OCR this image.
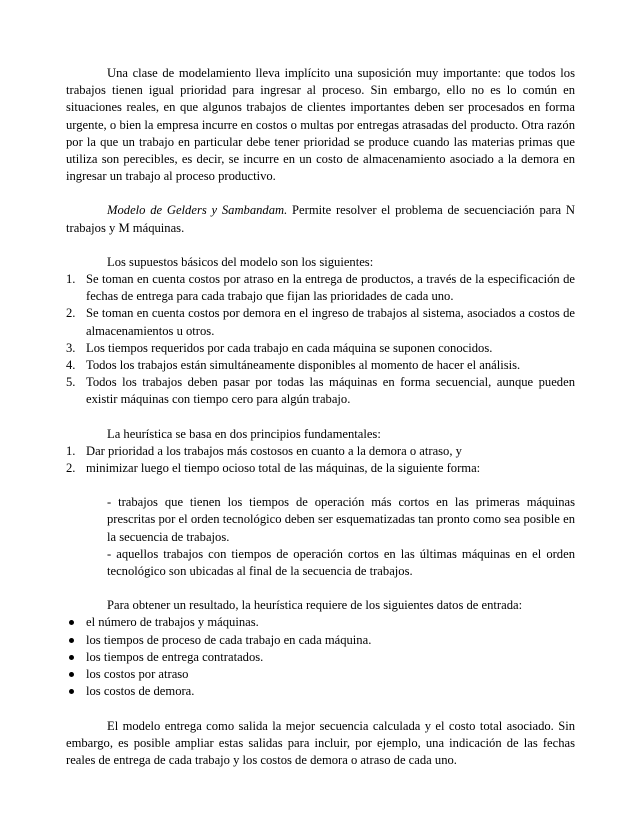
Una clase de modelamiento lleva implícito una suposición muy importante: que todos los trabajos tienen igual prioridad para ingresar al proceso. Sin embargo, ello no es lo común en situaciones reales, en que algunos trabajos de clientes importantes deben ser procesados en forma urgente, o bien la empresa incurre en costos o multas por entregas atrasadas del producto. Otra razón por la que un trabajo en particular debe tener prioridad se produce cuando las materias primas que utiliza son perecibles, es decir, se incurre en un costo de almacenamiento asociado a la demora en ingresar un trabajo al proceso productivo.

Modelo de Gelders y Sambandam. Permite resolver el problema de secuenciación para N trabajos y M máquinas.

Los supuestos básicos del modelo son los siguientes:

1. Se toman en cuenta costos por atraso en la entrega de productos, a través de la especificación de fechas de entrega para cada trabajo que fijan las prioridades de cada uno.
2. Se toman en cuenta costos por demora en el ingreso de trabajos al sistema, asociados a costos de almacenamientos u otros.
3. Los tiempos requeridos por cada trabajo en cada máquina se suponen conocidos.
4. Todos los trabajos están simultáneamente disponibles al momento de hacer el análisis.
5. Todos los trabajos deben pasar por todas las máquinas en forma secuencial, aunque pueden existir máquinas con tiempo cero para algún trabajo.

La heurística se basa en dos principios fundamentales:

1. Dar prioridad a los trabajos más costosos en cuanto a la demora o atraso, y
2. minimizar luego el tiempo ocioso total de las máquinas, de la siguiente forma:

- trabajos que tienen los tiempos de operación más cortos en las primeras máquinas prescritas por el orden tecnológico deben ser esquematizadas tan pronto como sea posible en la secuencia de trabajos.

- aquellos trabajos con tiempos de operación cortos en las últimas máquinas en el orden tecnológico son ubicadas al final de la secuencia de trabajos.

Para obtener un resultado, la heurística requiere de los siguientes datos de entrada:

el número de trabajos y máquinas.
los tiempos de proceso de cada trabajo en cada máquina.
los tiempos de entrega contratados.
los costos por atraso
los costos de demora.

El modelo entrega como salida la mejor secuencia calculada y el costo total asociado. Sin embargo, es posible ampliar estas salidas para incluir, por ejemplo, una indicación de las fechas reales de entrega de cada trabajo y los costos de demora o atraso de cada uno.
